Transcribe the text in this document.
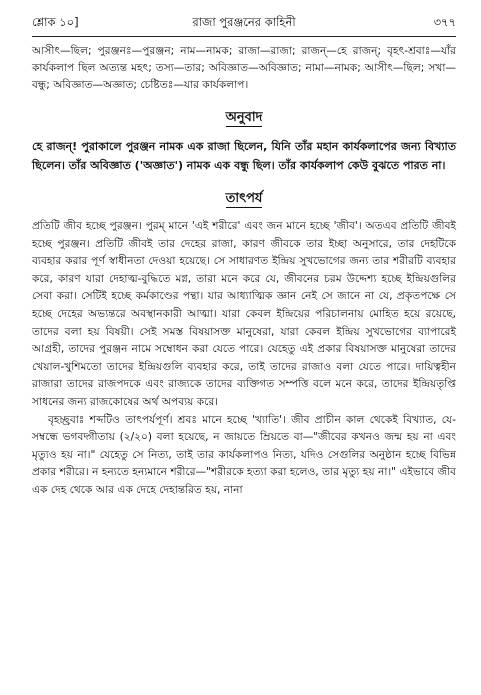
শ্লোক ১০]	রাজা পুরঞ্জনের কাহিনী	৩৭৭
আসীৎ—ছিল; পুরঞ্জনঃ—পুরঞ্জন; নাম—নামক; রাজা—রাজা; রাজন্—হে রাজন্; বৃহৎ-শ্রবাঃ—যাঁর কার্যকলাপ ছিল অত্যন্ত মহৎ; তস্য—তার; অবিজ্ঞাত—অবিজ্ঞাত; নামা—নামক; আসীৎ—ছিল; সখা—বন্ধু; অবিজ্ঞাত—অজ্ঞাত; চেষ্টিতঃ—যার কার্যকলাপ।
অনুবাদ
হে রাজন্! পুরাকালে পুরঞ্জন নামক এক রাজা ছিলেন, যিনি তাঁর মহান কার্যকলাপের জন্য বিখ্যাত ছিলেন। তাঁর অবিজ্ঞাত ('অজ্ঞাত') নামক এক বন্ধু ছিল। তাঁর কার্যকলাপ কেউ বুঝতে পারত না।
তাৎপর্য

প্রতিটি জীব হচ্ছে পুরঞ্জন। পুরম্ মানে 'এই শরীরে' এবং জন মানে হচ্ছে 'জীব'। অতএব প্রতিটি জীবই হচ্ছে পুরঞ্জন। প্রতিটি জীবই তার দেহের রাজা, কারণ জীবকে তার ইচ্ছা অনুসারে, তার দেহটিকে ব্যবহার করার পূর্ণ স্বাধীনতা দেওয়া হয়েছে। সে সাধারণত ইন্দ্রিয় সুখভোগের জন্য তার শরীরটি ব্যবহার করে, কারণ যারা দেহাত্ম-বুদ্ধিতে মগ্ন, তারা মনে করে যে, জীবনের চরম উদ্দেশ্য হচ্ছে ইন্দ্রিয়গুলির সেবা করা। সেটিই হচ্ছে কর্মকাণ্ডের পন্থা। যার আধ্যাত্মিক জ্ঞান নেই সে জানে না যে, প্রকৃতপক্ষে সে হচ্ছে দেহের অভ্যন্তরে অবস্থানকারী আত্মা। যারা কেবল ইন্দ্রিয়ের পরিচালনায় মোহিত হয়ে রয়েছে, তাদের বলা হয় বিষয়ী। সেই সমস্ত বিষয়াসক্ত মানুষেরা, যারা কেবল ইন্দ্রিয় সুখভোগের ব্যাপারেই আগ্রহী, তাদের পুরঞ্জন নামে সম্বোধন করা যেতে পারে। যেহেতু এই প্রকার বিষয়াসক্ত মানুষেরা তাদের খেয়াল-খুশিমতো তাদের ইন্দ্রিয়গুলি ব্যবহার করে, তাই তাদের রাজাও বলা যেতে পারে। দায়িত্বহীন রাজারা তাদের রাজপদকে এবং রাজ্যকে তাদের ব্যক্তিগত সম্পত্তি বলে মনে করে, তাদের ইন্দ্রিয়তৃপ্তি সাধনের জন্য রাজকোষের অর্থ অপব্যয় করে।

বৃহচ্ছ্রবাঃ শব্দটিও তাৎপর্যপূর্ণ। শ্রবঃ মানে হচ্ছে 'খ্যাতি'। জীব প্রাচীন কাল থেকেই বিখ্যাত, যে-সম্বন্ধে ভগবদ্গীতায় (২/২০) বলা হয়েছে, ন জায়তে ম্রিয়তে বা—"জীবের কখনও জন্ম হয় না এবং মৃত্যুও হয় না।" যেহেতু সে নিত্য, তাই তার কার্যকলাপও নিত্য, যদিও সেগুলির অনুষ্ঠান হচ্ছে বিভিন্ন প্রকার শরীরে। ন হন্যতে হন্যমানে শরীরে—"শরীরকে হত্যা করা হলেও, তার মৃত্যু হয় না।" এইভাবে জীব এক দেহ থেকে আর এক দেহে দেহান্তরিত হয়, নানা
